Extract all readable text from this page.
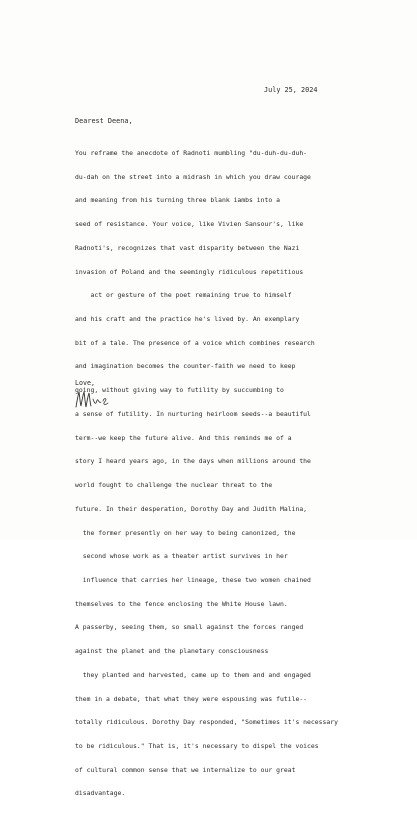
July 25, 2024
Dearest Deena,

You reframe the anecdote of Radnoti mumbling "du-duh-du-duh-

du-dah on the street into a midrash in which you draw courage

and meaning from his turning three blank iambs into a

seed of resistance. Your voice, like Vivien Sansour's, like

Radnoti's, recognizes that vast disparity between the Nazi

invasion of Poland and the seemingly ridiculous repetitious

act or gesture of the poet remaining true to himself

and his craft and the practice he's lived by. An exemplary

bit of a tale. The presence of a voice which combines research

and imagination becomes the counter-faith we need to keep

going, without giving way to futility by succumbing to

a sense of futility. In nurturing heirloom seeds--a beautiful

term--we keep the future alive. And this reminds me of a

story I heard years ago, in the days when millions around the

world fought to challenge the nuclear threat to the

future. In their desperation, Dorothy Day and Judith Malina,

the former presently on her way to being canonized, the

second whose work as a theater artist survives in her

influence that carries her lineage, these two women chained

themselves to the fence enclosing the White House lawn.

A passerby, seeing them, so small against the forces ranged

against the planet and the planetary consciousness

they planted and harvested, came up to them and and engaged

them in a debate, that what they were espousing was futile--

totally ridiculous. Dorothy Day responded, "Sometimes it's necessary

to be ridiculous." That is, it's necessary to dispel the voices

of cultural common sense that we internalize to our great

disadvantage.

Love,
